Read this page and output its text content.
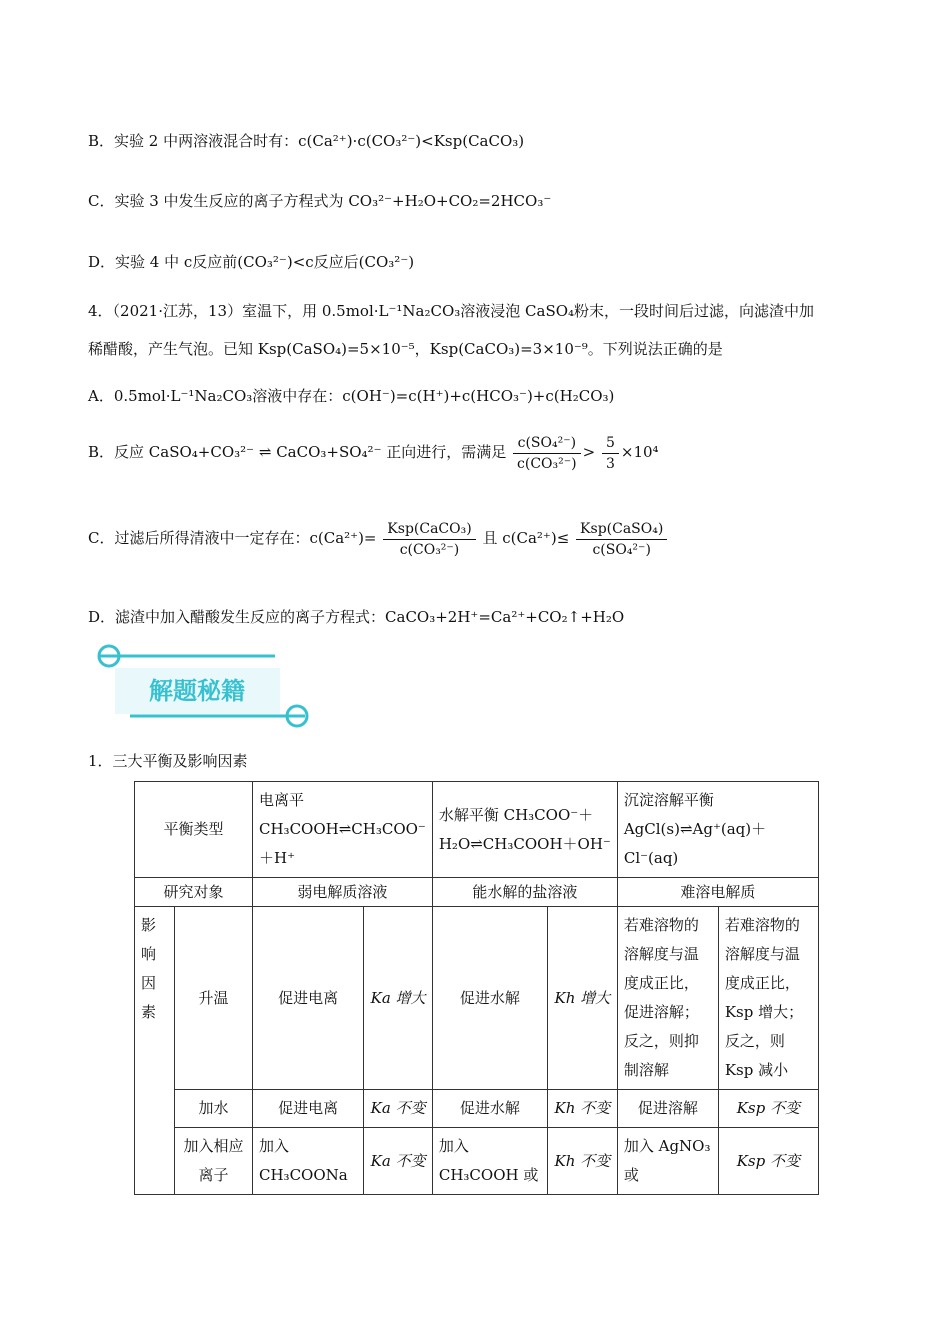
B．实验 2 中两溶液混合时有：c(Ca²⁺)·c(CO₃²⁻)<Ksp(CaCO₃)
C．实验 3 中发生反应的离子方程式为 CO₃²⁻+H₂O+CO₂=2HCO₃⁻
D．实验 4 中 c反应前(CO₃²⁻)<c反应后(CO₃²⁻)
4．（2021·江苏，13）室温下，用 0.5mol·L⁻¹Na₂CO₃溶液浸泡 CaSO₄粉末，一段时间后过滤，向滤渣中加
稀醋酸，产生气泡。已知 Ksp(CaSO₄)=5×10⁻⁵，Ksp(CaCO₃)=3×10⁻⁹。下列说法正确的是
A．0.5mol·L⁻¹Na₂CO₃溶液中存在：c(OH⁻)=c(H⁺)+c(HCO₃⁻)+c(H₂CO₃)
B．反应 CaSO₄+CO₃²⁻ ⇌ CaCO₃+SO₄²⁻ 正向进行，需满足 $\frac{\text{c(SO₄²⁻)}}{\text{c(CO₃²⁻)}} > \frac{5}{3} \times 10^4$
C．过滤后所得清液中一定存在：$c(Ca^{2+})= \frac{\text{Ksp(CaCO₃)}}{\text{c(CO₃²⁻)}}$ 且 $c(Ca^{2+})\le \frac{\text{Ksp(CaSO₄)}}{\text{c(SO₄²⁻)}}$
D．滤渣中加入醋酸发生反应的离子方程式：CaCO₃+2H⁺=Ca²⁺+CO₂↑+H₂O
解题秘籍
1．三大平衡及影响因素
平衡类型		电离平 CH₃COOH⇌CH₃COO⁻＋H⁺		水解平衡 CH₃COO⁻＋H₂O⇌CH₃COOH＋OH⁻		沉淀溶解平衡 AgCl(s)⇌Ag⁺(aq)＋Cl⁻(aq)	
研究对象		弱电解质溶液		能水解的盐溶液		难溶电解质	
影响因素	升温	促进电离	Ka 增大	促进水解	Kh 增大	若难溶物的溶解度与温度成正比，促进溶解；反之，则抑制溶解	若难溶物的溶解度与温度成正比，Ksp 增大；反之，则 Ksp 减小
	加水	促进电离	Ka 不变	促进水解	Kh 不变	促进溶解	Ksp 不变
	加入相应离子	加入 CH₃COONa	Ka 不变	加入 CH₃COOH 或	Kh 不变	加入 AgNO₃或	Ksp 不变
